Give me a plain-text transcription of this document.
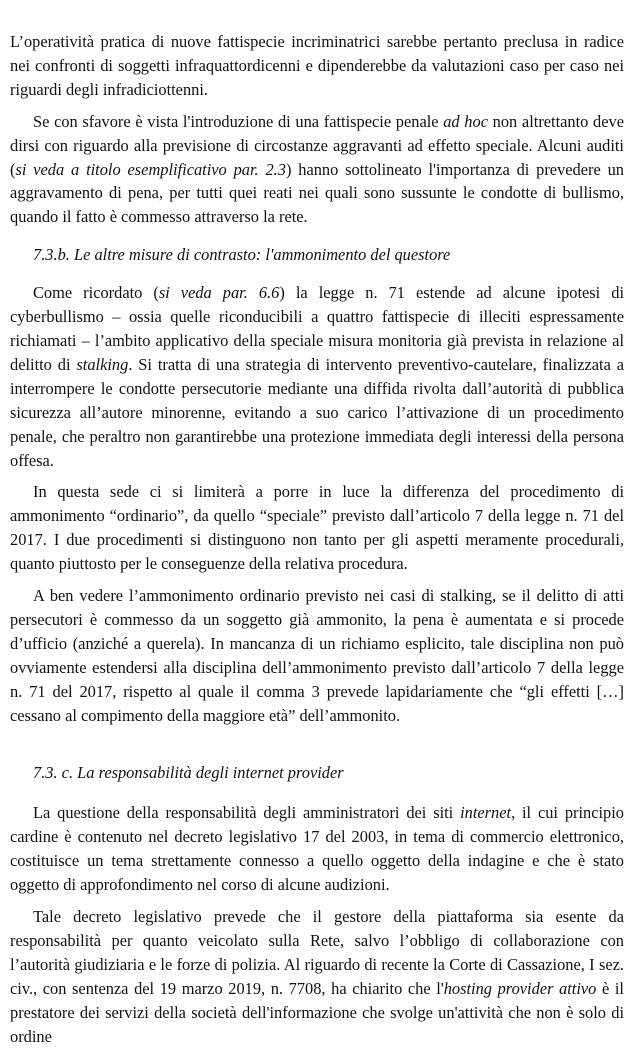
L’operatività pratica di nuove fattispecie incriminatrici sarebbe pertanto preclusa in radice nei confronti di soggetti infraquattordicenni e dipenderebbe da valutazioni caso per caso nei riguardi degli infradiciottenni.

Se con sfavore è vista l'introduzione di una fattispecie penale ad hoc non altrettanto deve dirsi con riguardo alla previsione di circostanze aggravanti ad effetto speciale. Alcuni auditi (si veda a titolo esemplificativo par. 2.3) hanno sottolineato l'importanza di prevedere un aggravamento di pena, per tutti quei reati nei quali sono sussunte le condotte di bullismo, quando il fatto è commesso attraverso la rete.

7.3.b. Le altre misure di contrasto: l'ammonimento del questore

Come ricordato (si veda par. 6.6) la legge n. 71 estende ad alcune ipotesi di cyberbullismo – ossia quelle riconducibili a quattro fattispecie di illeciti espressamente richiamati – l’ambito applicativo della speciale misura monitoria già prevista in relazione al delitto di stalking. Si tratta di una strategia di intervento preventivo-cautelare, finalizzata a interrompere le condotte persecutorie mediante una diffida rivolta dall’autorità di pubblica sicurezza all’autore minorenne, evitando a suo carico l’attivazione di un procedimento penale, che peraltro non garantirebbe una protezione immediata degli interessi della persona offesa.

In questa sede ci si limiterà a porre in luce la differenza del procedimento di ammonimento “ordinario”, da quello “speciale” previsto dall’articolo 7 della legge n. 71 del 2017. I due procedimenti si distinguono non tanto per gli aspetti meramente procedurali, quanto piuttosto per le conseguenze della relativa procedura.

A ben vedere l’ammonimento ordinario previsto nei casi di stalking, se il delitto di atti persecutori è commesso da un soggetto già ammonito, la pena è aumentata e si procede d’ufficio (anziché a querela). In mancanza di un richiamo esplicito, tale disciplina non può ovviamente estendersi alla disciplina dell’ammonimento previsto dall’articolo 7 della legge n. 71 del 2017, rispetto al quale il comma 3 prevede lapidariamente che “gli effetti […] cessano al compimento della maggiore età” dell’ammonito.

7.3. c. La responsabilità degli internet provider

La questione della responsabilità degli amministratori dei siti internet, il cui principio cardine è contenuto nel decreto legislativo 17 del 2003, in tema di commercio elettronico, costituisce un tema strettamente connesso a quello oggetto della indagine e che è stato oggetto di approfondimento nel corso di alcune audizioni.

Tale decreto legislativo prevede che il gestore della piattaforma sia esente da responsabilità per quanto veicolato sulla Rete, salvo l’obbligo di collaborazione con l’autorità giudiziaria e le forze di polizia. Al riguardo di recente la Corte di Cassazione, I sez. civ., con sentenza del 19 marzo 2019, n. 7708, ha chiarito che l'hosting provider attivo è il prestatore dei servizi della società dell'informazione che svolge un'attività che non è solo di ordine
